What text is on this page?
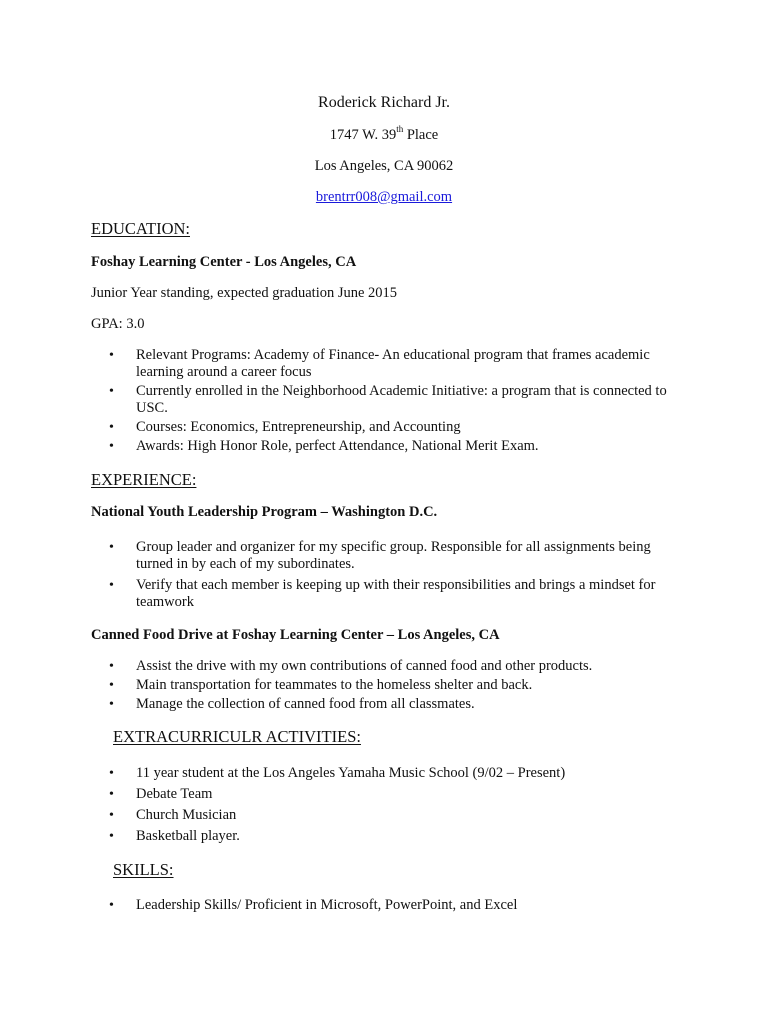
Roderick Richard Jr.
1747 W. 39th Place
Los Angeles, CA 90062
brentrr008@gmail.com
EDUCATION:
Foshay Learning Center - Los Angeles, CA
Junior Year standing, expected graduation June 2015
GPA: 3.0
• Relevant Programs: Academy of Finance- An educational program that frames academic learning around a career focus
• Currently enrolled in the Neighborhood Academic Initiative: a program that is connected to USC.
• Courses: Economics, Entrepreneurship, and Accounting
• Awards: High Honor Role, perfect Attendance, National Merit Exam.
EXPERIENCE:
National Youth Leadership Program – Washington D.C.
• Group leader and organizer for my specific group. Responsible for all assignments being turned in by each of my subordinates.
• Verify that each member is keeping up with their responsibilities and brings a mindset for teamwork
Canned Food Drive at Foshay Learning Center – Los Angeles, CA
• Assist the drive with my own contributions of canned food and other products.
• Main transportation for teammates to the homeless shelter and back.
• Manage the collection of canned food from all classmates.
EXTRACURRICULR ACTIVITIES:
• 11 year student at the Los Angeles Yamaha Music School (9/02 – Present)
• Debate Team
• Church Musician
• Basketball player.
SKILLS:
• Leadership Skills/ Proficient in Microsoft, PowerPoint, and Excel
